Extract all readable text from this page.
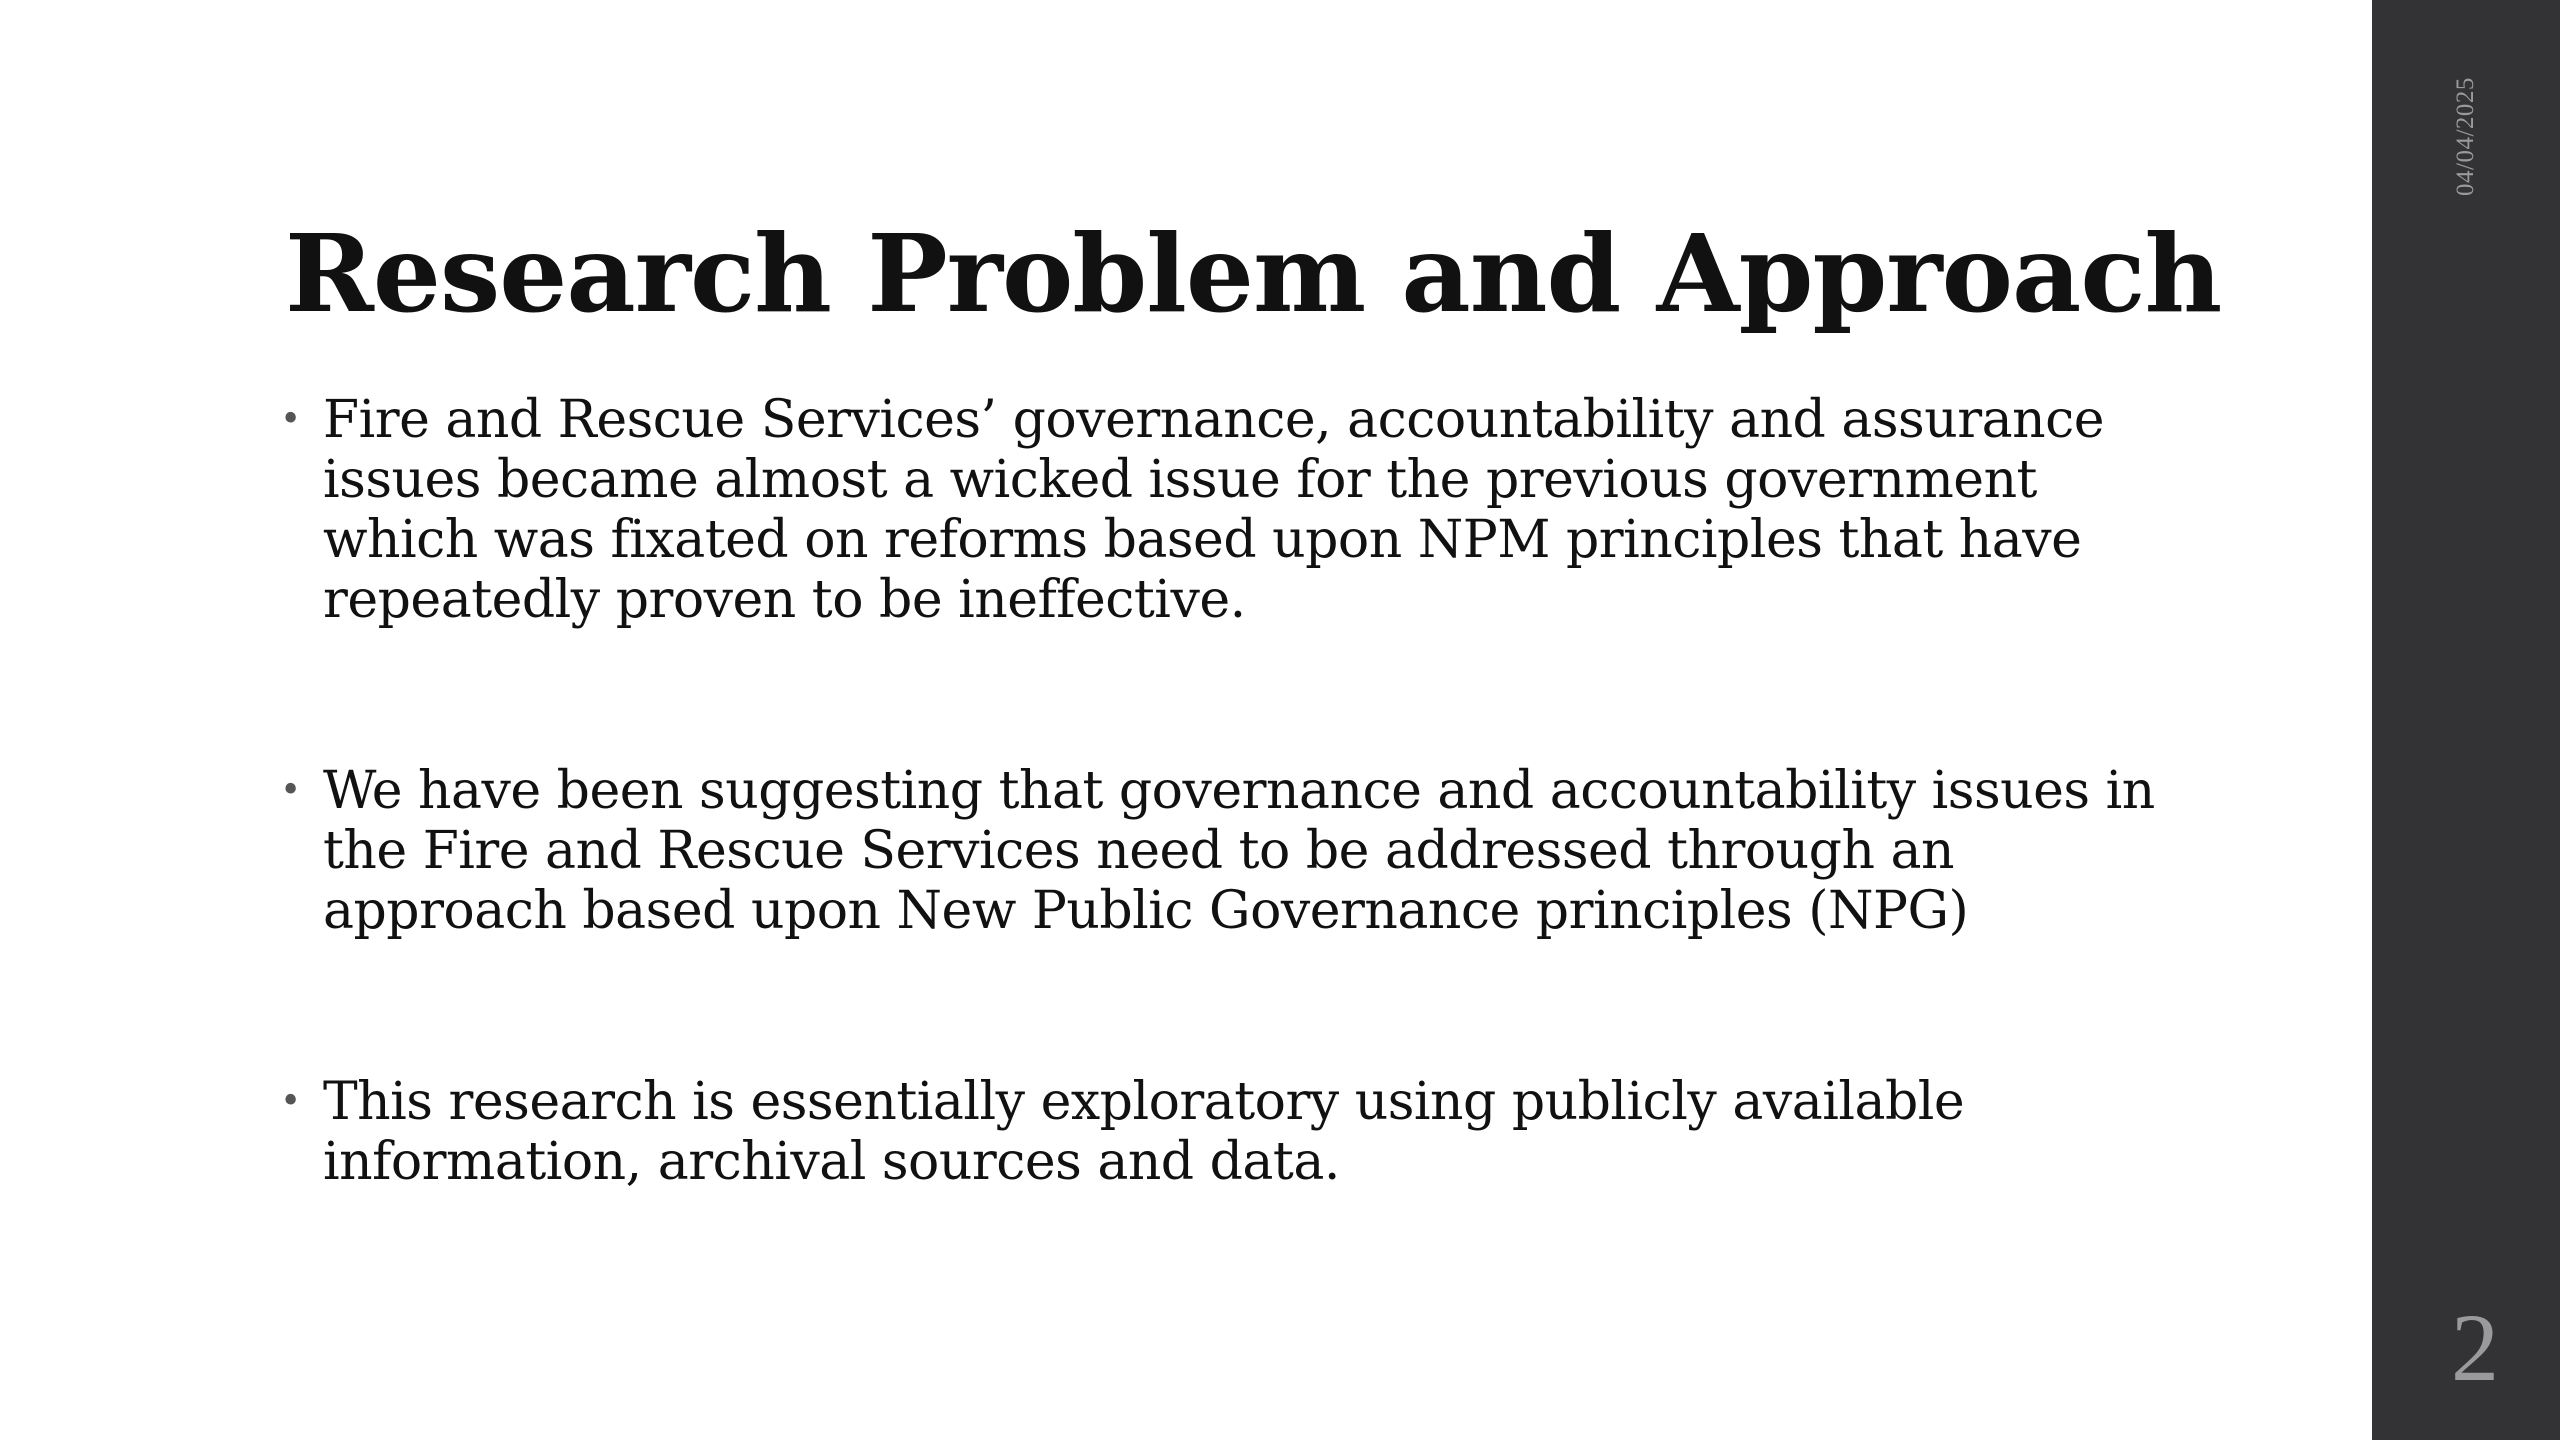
Research Problem and Approach
• Fire and Rescue Services’ governance, accountability and assurance issues became almost a wicked issue for the previous government which was fixated on reforms based upon NPM principles that have repeatedly proven to be ineffective.
• We have been suggesting that governance and accountability issues in the Fire and Rescue Services need to be addressed through an approach based upon New Public Governance principles (NPG)
• This research is essentially exploratory using publicly available information, archival sources and data.
04/04/2025
2
